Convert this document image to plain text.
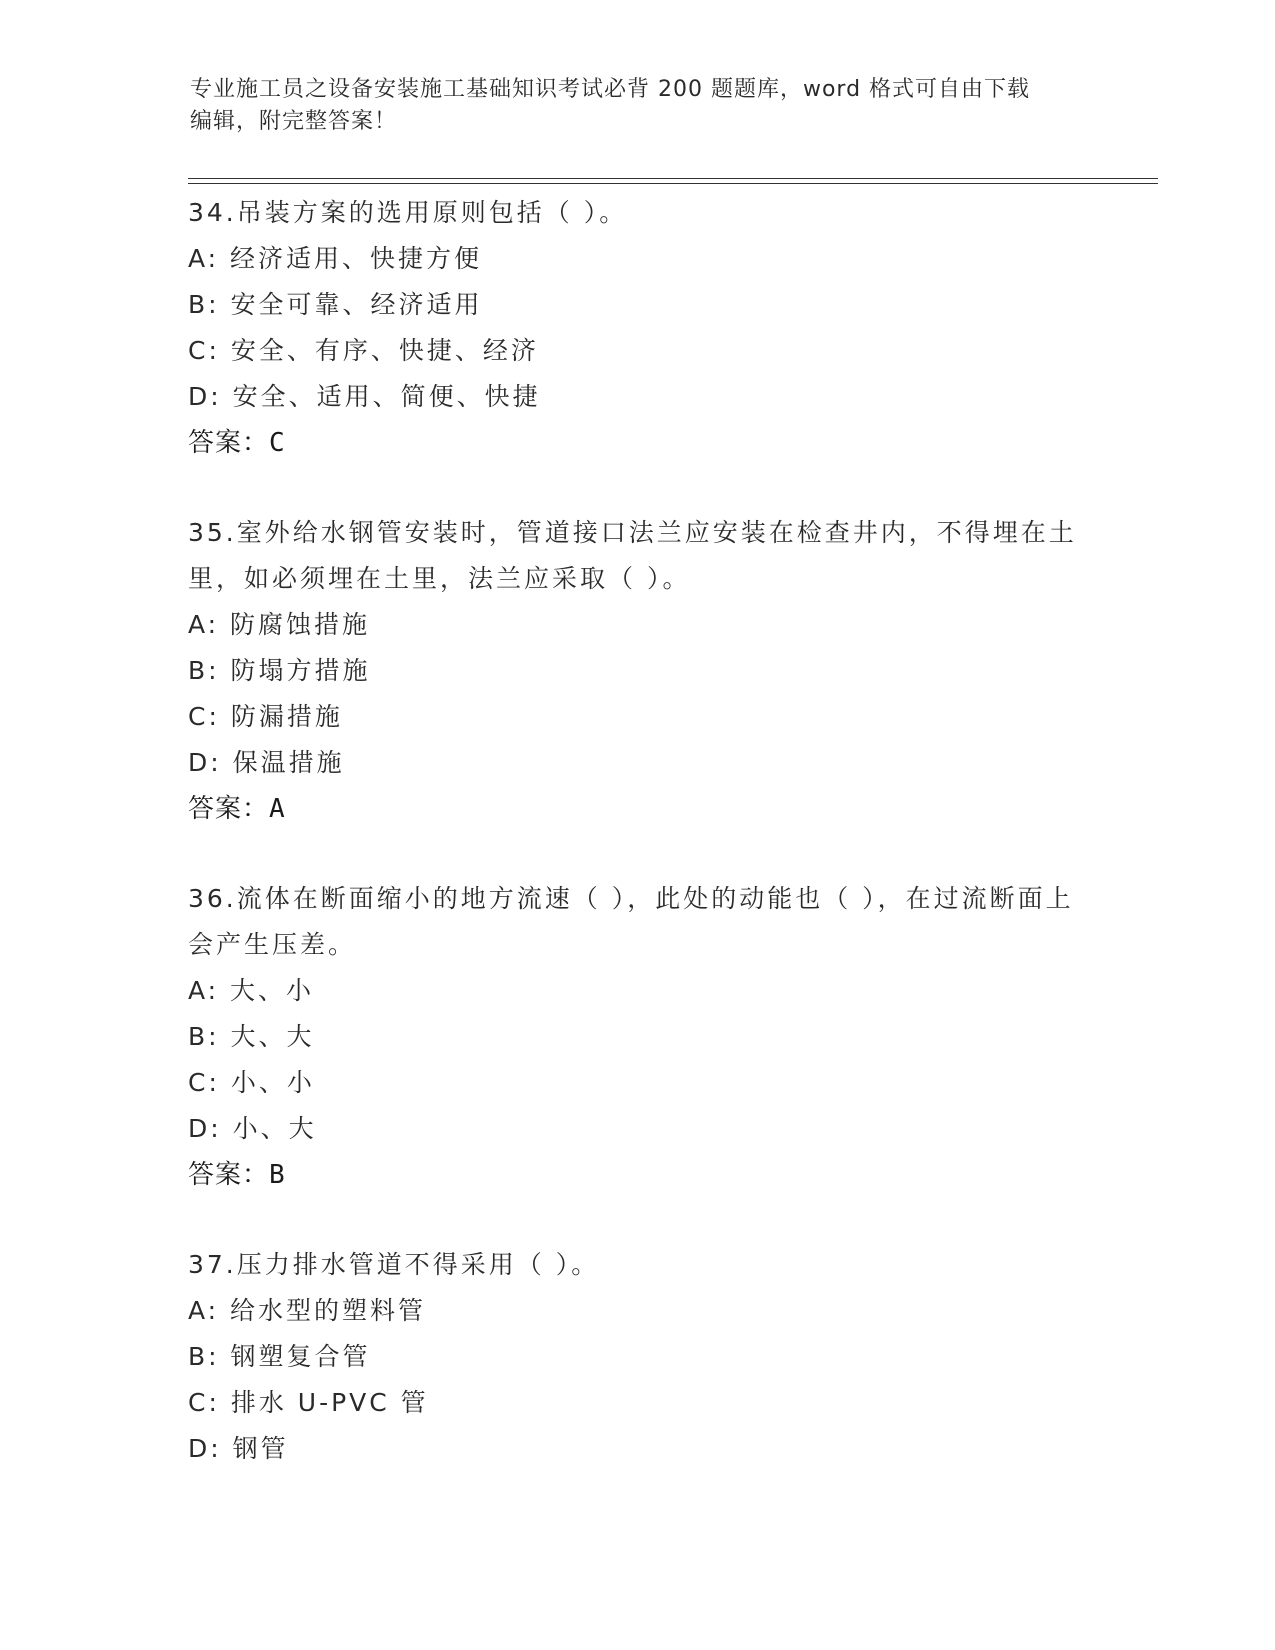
专业施工员之设备安装施工基础知识考试必背 200 题题库，word 格式可自由下载
编辑，附完整答案！

34.吊装方案的选用原则包括（ ）。

A: 经济适用、快捷方便
B: 安全可靠、经济适用
C: 安全、有序、快捷、经济
D: 安全、适用、简便、快捷
答案：C

35.室外给水钢管安装时，管道接口法兰应安装在检查井内，不得埋在土里，如必须埋在土里，法兰应采取（ ）。

A: 防腐蚀措施
B: 防塌方措施
C: 防漏措施
D: 保温措施
答案：A

36.流体在断面缩小的地方流速（ ），此处的动能也（ ），在过流断面上会产生压差。

A: 大、小
B: 大、大
C: 小、小
D: 小、大
答案：B

37.压力排水管道不得采用（ ）。

A: 给水型的塑料管
B: 钢塑复合管
C: 排水 U-PVC 管
D: 钢管
